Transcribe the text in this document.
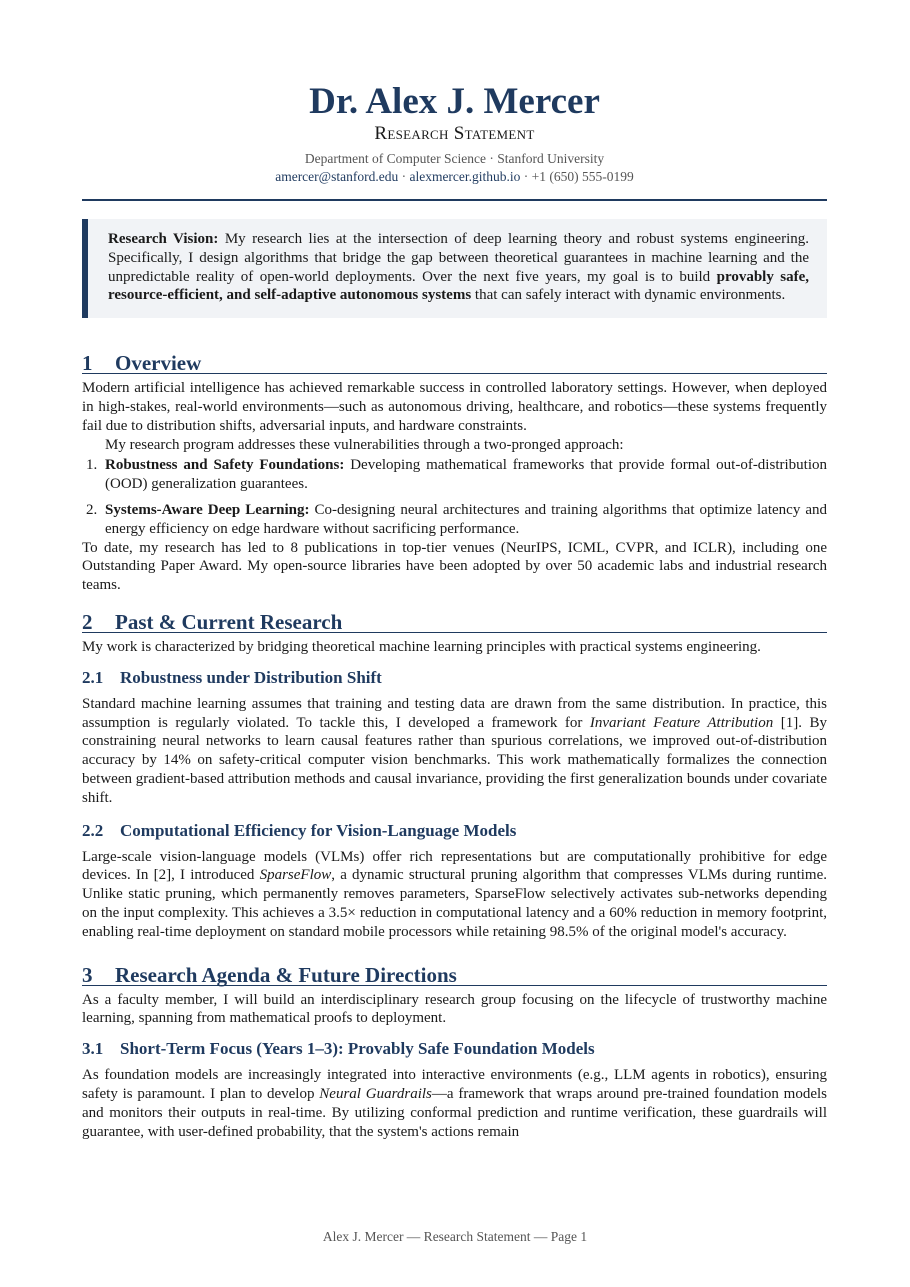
Dr. Alex J. Mercer
Research Statement
Department of Computer Science · Stanford University
amercer@stanford.edu · alexmercer.github.io · +1 (650) 555-0199
Research Vision: My research lies at the intersection of deep learning theory and robust systems engineering. Specifically, I design algorithms that bridge the gap between theoretical guarantees in machine learning and the unpredictable reality of open-world deployments. Over the next five years, my goal is to build provably safe, resource-efficient, and self-adaptive autonomous systems that can safely interact with dynamic environments.
1 Overview

Modern artificial intelligence has achieved remarkable success in controlled laboratory settings. However, when deployed in high-stakes, real-world environments—such as autonomous driving, healthcare, and robotics—these systems frequently fail due to distribution shifts, adversarial inputs, and hardware constraints.

My research program addresses these vulnerabilities through a two-pronged approach:

1. Robustness and Safety Foundations: Developing mathematical frameworks that provide formal out-of-distribution (OOD) generalization guarantees.
2. Systems-Aware Deep Learning: Co-designing neural architectures and training algorithms that optimize latency and energy efficiency on edge hardware without sacrificing performance.

To date, my research has led to 8 publications in top-tier venues (NeurIPS, ICML, CVPR, and ICLR), including one Outstanding Paper Award. My open-source libraries have been adopted by over 50 academic labs and industrial research teams.

2 Past & Current Research

My work is characterized by bridging theoretical machine learning principles with practical systems engineering.

2.1 Robustness under Distribution Shift

Standard machine learning assumes that training and testing data are drawn from the same distribution. In practice, this assumption is regularly violated. To tackle this, I developed a framework for Invariant Feature Attribution [1]. By constraining neural networks to learn causal features rather than spurious correlations, we improved out-of-distribution accuracy by 14% on safety-critical computer vision benchmarks. This work mathematically formalizes the connection between gradient-based attribution methods and causal invariance, providing the first generalization bounds under covariate shift.

2.2 Computational Efficiency for Vision-Language Models

Large-scale vision-language models (VLMs) offer rich representations but are computationally prohibitive for edge devices. In [2], I introduced SparseFlow, a dynamic structural pruning algorithm that compresses VLMs during runtime. Unlike static pruning, which permanently removes parameters, SparseFlow selectively activates sub-networks depending on the input complexity. This achieves a 3.5× reduction in computational latency and a 60% reduction in memory footprint, enabling real-time deployment on standard mobile processors while retaining 98.5% of the original model's accuracy.

3 Research Agenda & Future Directions

As a faculty member, I will build an interdisciplinary research group focusing on the lifecycle of trustworthy machine learning, spanning from mathematical proofs to deployment.

3.1 Short-Term Focus (Years 1–3): Provably Safe Foundation Models

As foundation models are increasingly integrated into interactive environments (e.g., LLM agents in robotics), ensuring safety is paramount. I plan to develop Neural Guardrails—a framework that wraps around pre-trained foundation models and monitors their outputs in real-time. By utilizing conformal prediction and runtime verification, these guardrails will guarantee, with user-defined probability, that the system's actions remain

Alex J. Mercer — Research Statement — Page 1
